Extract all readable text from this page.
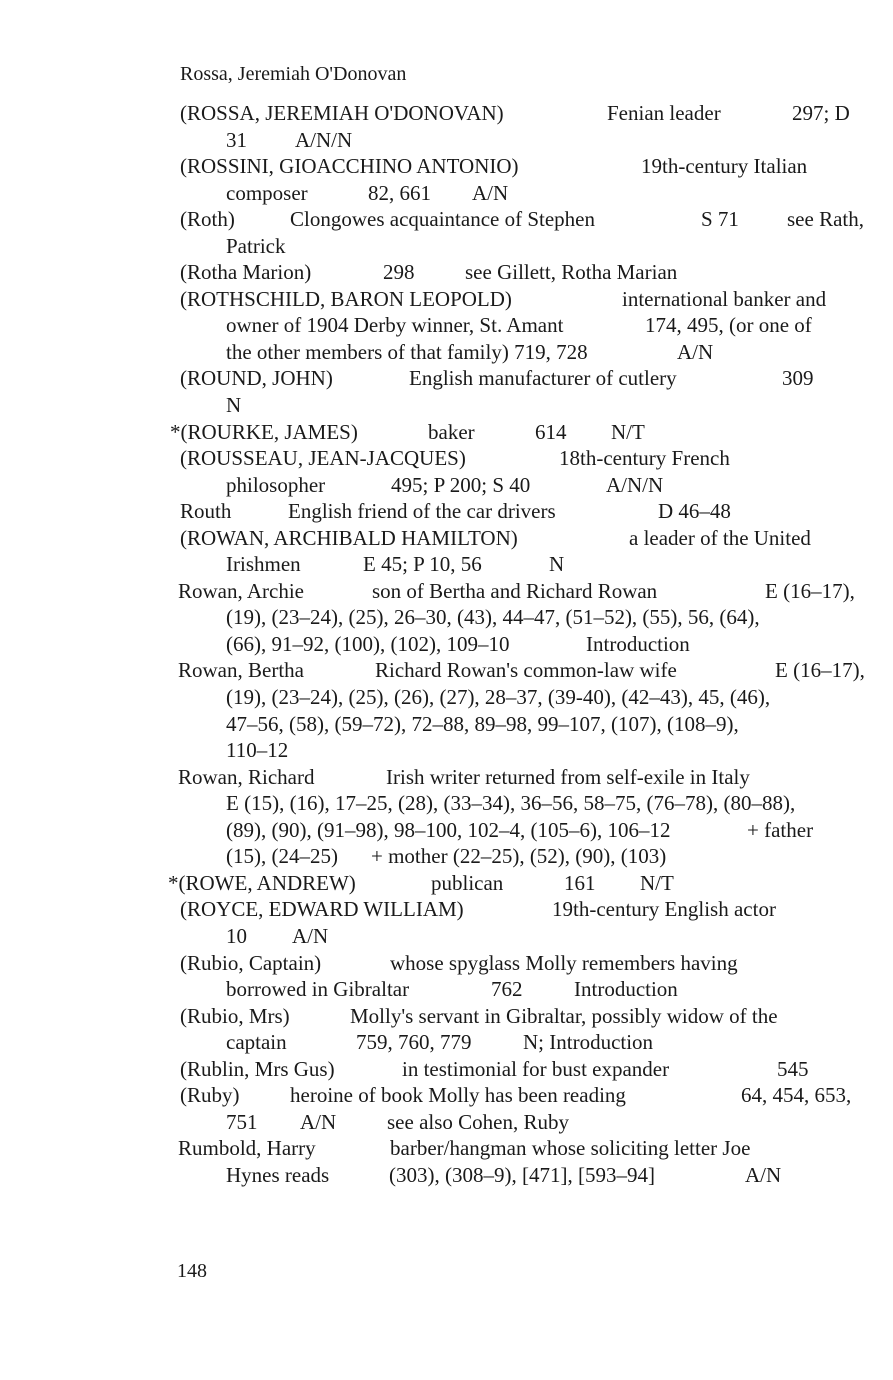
Rossa, Jeremiah O'Donovan
(ROSSA, JEREMIAH O'DONOVAN)	Fenian leader	297; D
31 A/N/N
(ROSSINI, GIOACCHINO ANTONIO)	19th-century Italian
composer	82, 661 A/N
(Roth)	Clongowes acquaintance of Stephen	S 71 see Rath,
Patrick
(Rotha Marion)	298 see Gillett, Rotha Marian
(ROTHSCHILD, BARON LEOPOLD)	international banker and
owner of 1904 Derby winner, St. Amant	174, 495, (or one of
the other members of that family) 719, 728	A/N
(ROUND, JOHN)	English manufacturer of cutlery	309
N
*(ROURKE, JAMES)	baker	614 N/T
(ROUSSEAU, JEAN-JACQUES)	18th-century French
philosopher	495; P 200; S 40	A/N/N
Routh	English friend of the car drivers	D 46–48
(ROWAN, ARCHIBALD HAMILTON)	a leader of the United
Irishmen	E 45; P 10, 56	N
Rowan, Archie	son of Bertha and Richard Rowan	E (16–17),
(19), (23–24), (25), 26–30, (43), 44–47, (51–52), (55), 56, (64),
(66), 91–92, (100), (102), 109–10	Introduction
Rowan, Bertha	Richard Rowan's common-law wife	E (16–17),
(19), (23–24), (25), (26), (27), 28–37, (39-40), (42–43), 45, (46),
47–56, (58), (59–72), 72–88, 89–98, 99–107, (107), (108–9),
110–12
Rowan, Richard	Irish writer returned from self-exile in Italy
E (15), (16), 17–25, (28), (33–34), 36–56, 58–75, (76–78), (80–88),
(89), (90), (91–98), 98–100, 102–4, (105–6), 106–12	+ father
(15), (24–25) + mother (22–25), (52), (90), (103)
*(ROWE, ANDREW)	publican	161 N/T
(ROYCE, EDWARD WILLIAM)	19th-century English actor
10 A/N
(Rubio, Captain)	whose spyglass Molly remembers having
borrowed in Gibraltar	762 Introduction
(Rubio, Mrs)	Molly's servant in Gibraltar, possibly widow of the
captain	759, 760, 779 N; Introduction
(Rublin, Mrs Gus)	in testimonial for bust expander	545
(Ruby) heroine of book Molly has been reading	64, 454, 653,
751 A/N see also Cohen, Ruby
Rumbold, Harry	barber/hangman whose soliciting letter Joe
Hynes reads	(303), (308–9), [471], [593–94]	A/N
148
